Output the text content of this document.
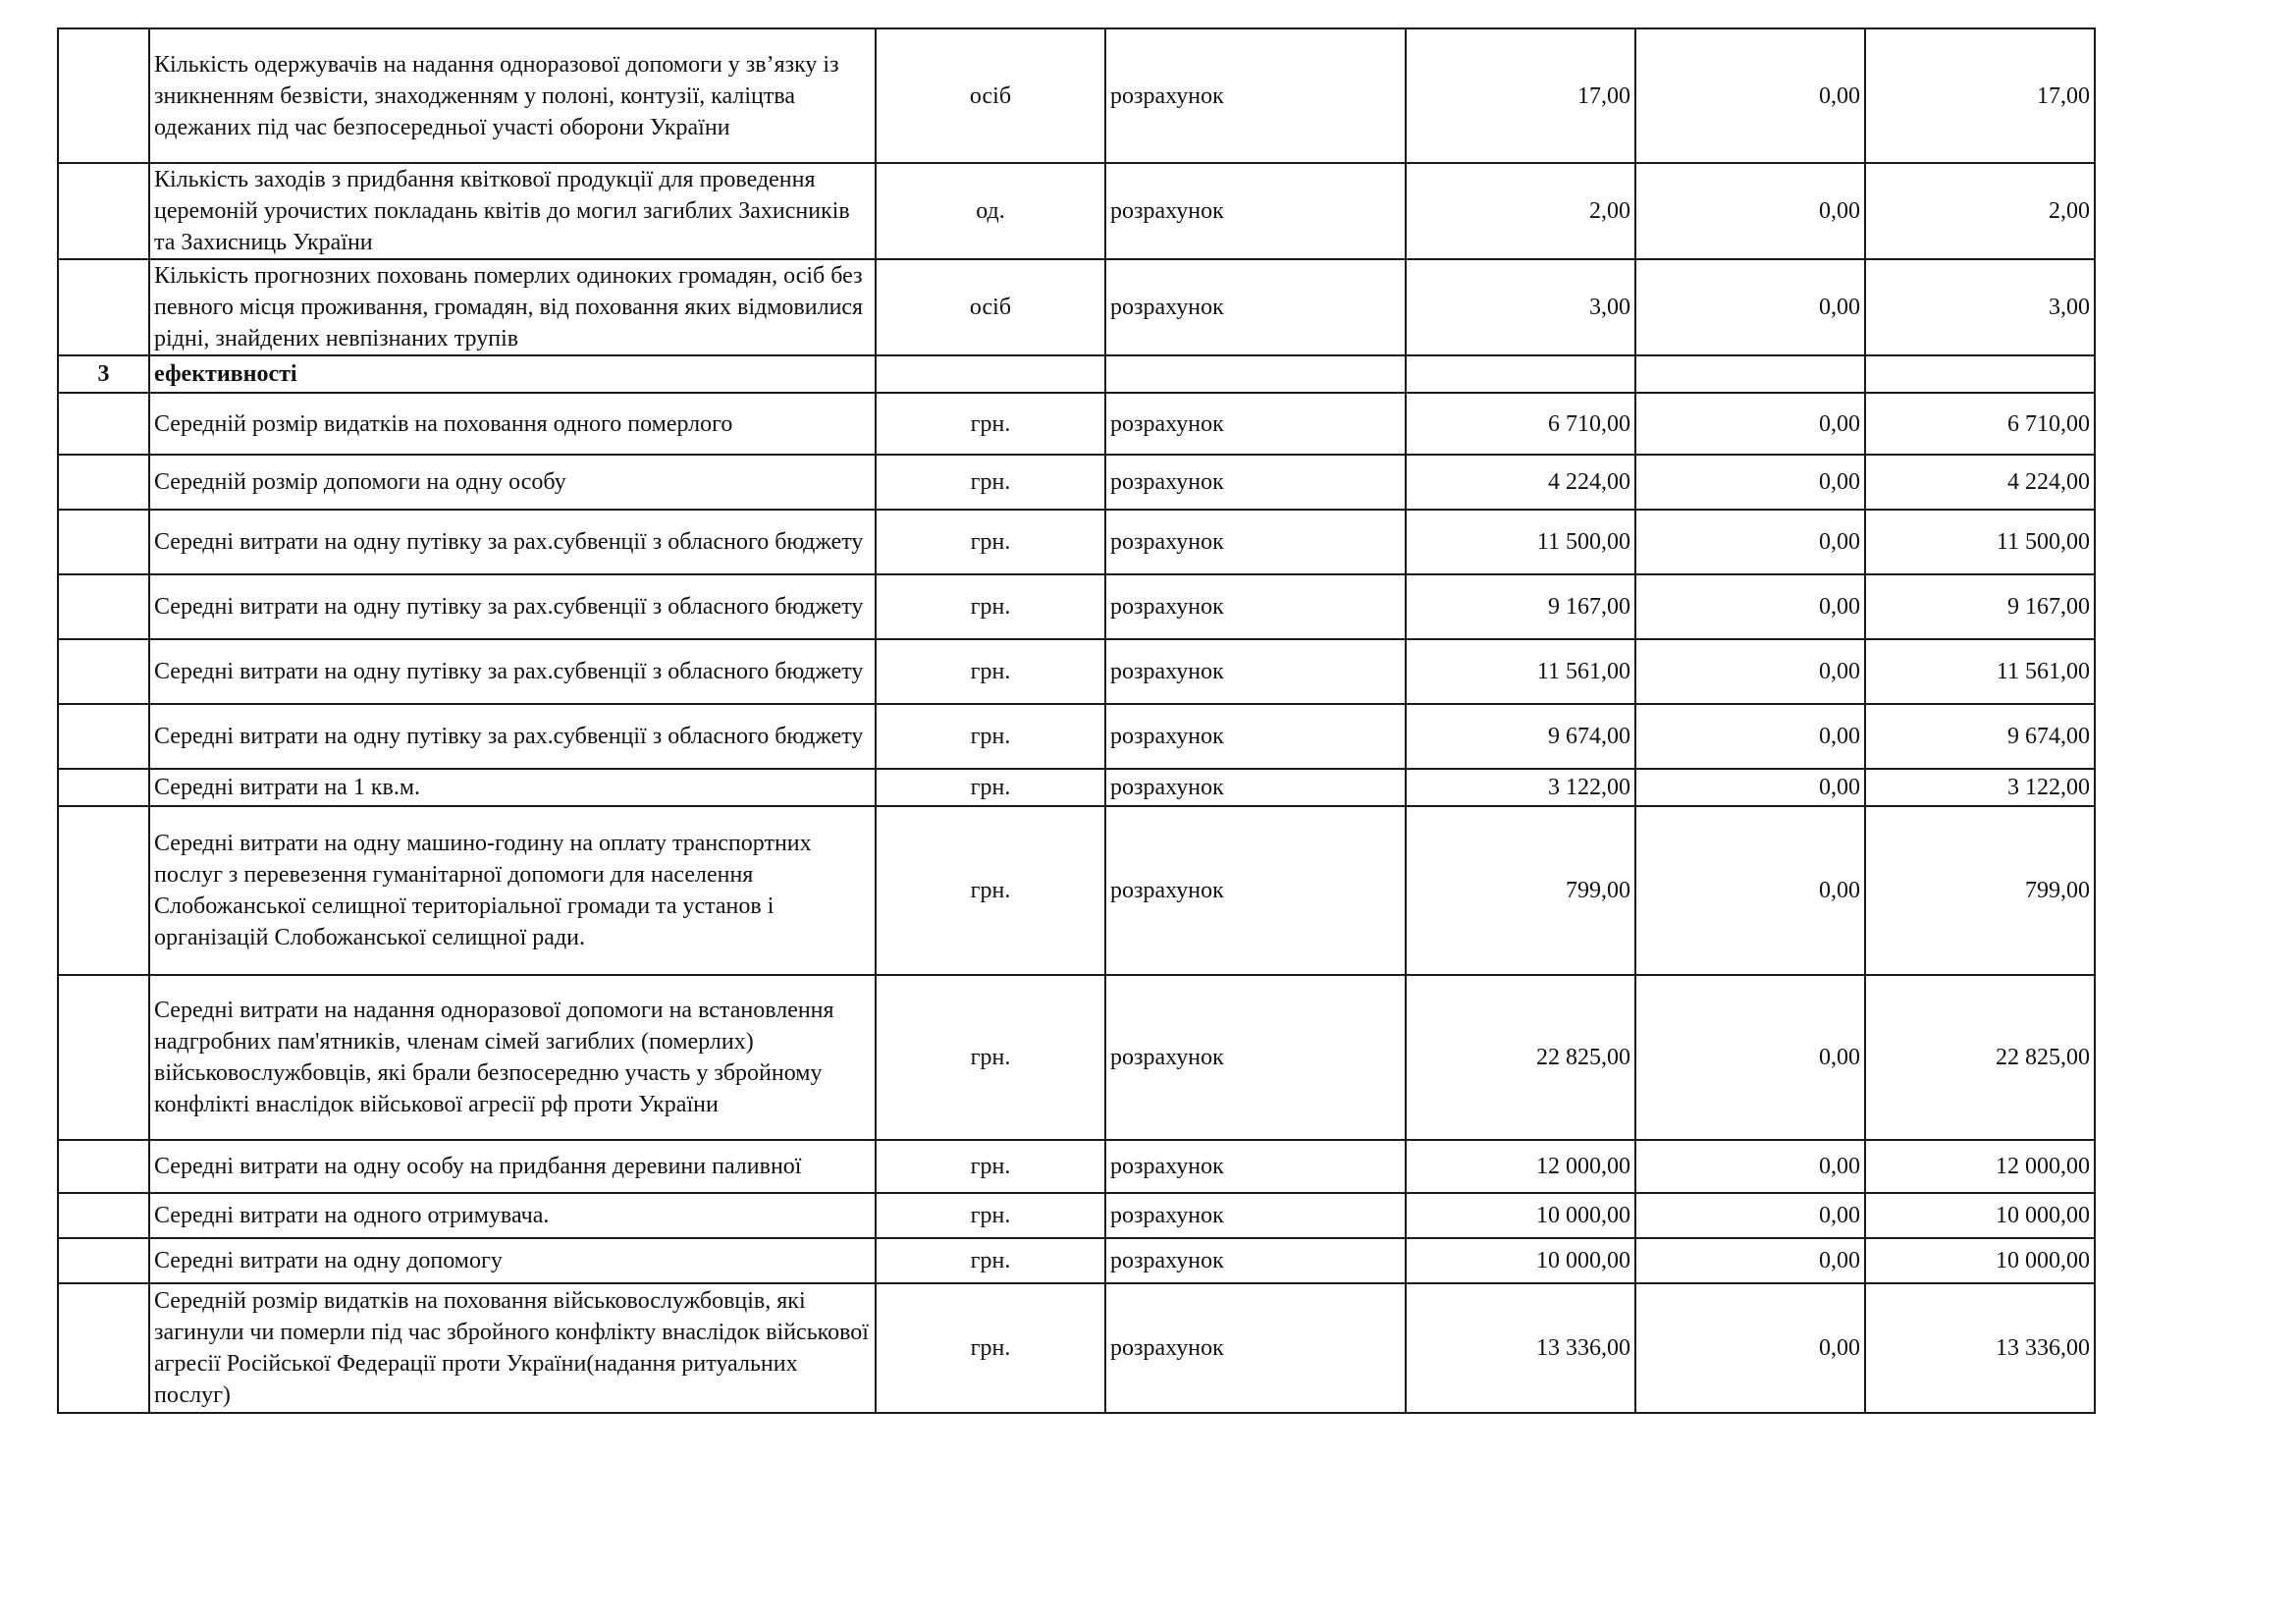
	Кількість одержувачів на надання одноразової допомоги у зв’язку із зникненням безвісти, знаходженням у полоні, контузії, каліцтва одежаних під час безпосередньої участі оборони України	осіб	розрахунок	17,00	0,00	17,00
	Кількість заходів з придбання квіткової продукції для проведення церемоній урочистих покладань квітів до могил загиблих Захисників та Захисниць України	од.	розрахунок	2,00	0,00	2,00
	Кількість прогнозних поховань померлих одиноких громадян, осіб без певного місця проживання, громадян, від поховання яких відмовилися рідні, знайдених невпізнаних трупів	осіб	розрахунок	3,00	0,00	3,00
3	ефективності					
	Середній розмір видатків на поховання одного померлого	грн.	розрахунок	6 710,00	0,00	6 710,00
	Середній розмір допомоги на одну особу	грн.	розрахунок	4 224,00	0,00	4 224,00
	Середні витрати на одну путівку за рах.субвенції з обласного бюджету	грн.	розрахунок	11 500,00	0,00	11 500,00
	Середні витрати на одну путівку за рах.субвенції з обласного бюджету	грн.	розрахунок	9 167,00	0,00	9 167,00
	Середні витрати на одну путівку за рах.субвенції з обласного бюджету	грн.	розрахунок	11 561,00	0,00	11 561,00
	Середні витрати на одну путівку за рах.субвенції з обласного бюджету	грн.	розрахунок	9 674,00	0,00	9 674,00
	Середні витрати на 1 кв.м.	грн.	розрахунок	3 122,00	0,00	3 122,00
	Середні витрати на одну машино-годину на оплату транспортних послуг з перевезення гуманітарної допомоги для населення Слобожанської селищної територіальної громади та установ і організацій Слобожанської селищної ради.	грн.	розрахунок	799,00	0,00	799,00
	Середні витрати на надання одноразової допомоги на встановлення надгробних пам'ятників, членам сімей загиблих (померлих) військовослужбовців, які брали безпосередню участь у збройному конфлікті внаслідок військової агресії рф проти України	грн.	розрахунок	22 825,00	0,00	22 825,00
	Середні витрати на одну особу на придбання деревини паливної	грн.	розрахунок	12 000,00	0,00	12 000,00
	Середні витрати на одного отримувача.	грн.	розрахунок	10 000,00	0,00	10 000,00
	Середні витрати на одну допомогу	грн.	розрахунок	10 000,00	0,00	10 000,00
	Середній розмір видатків на поховання військовослужбовців, які загинули чи померли під час збройного конфлікту внаслідок військової агресії Російської Федерації проти України(надання ритуальних послуг)	грн.	розрахунок	13 336,00	0,00	13 336,00
